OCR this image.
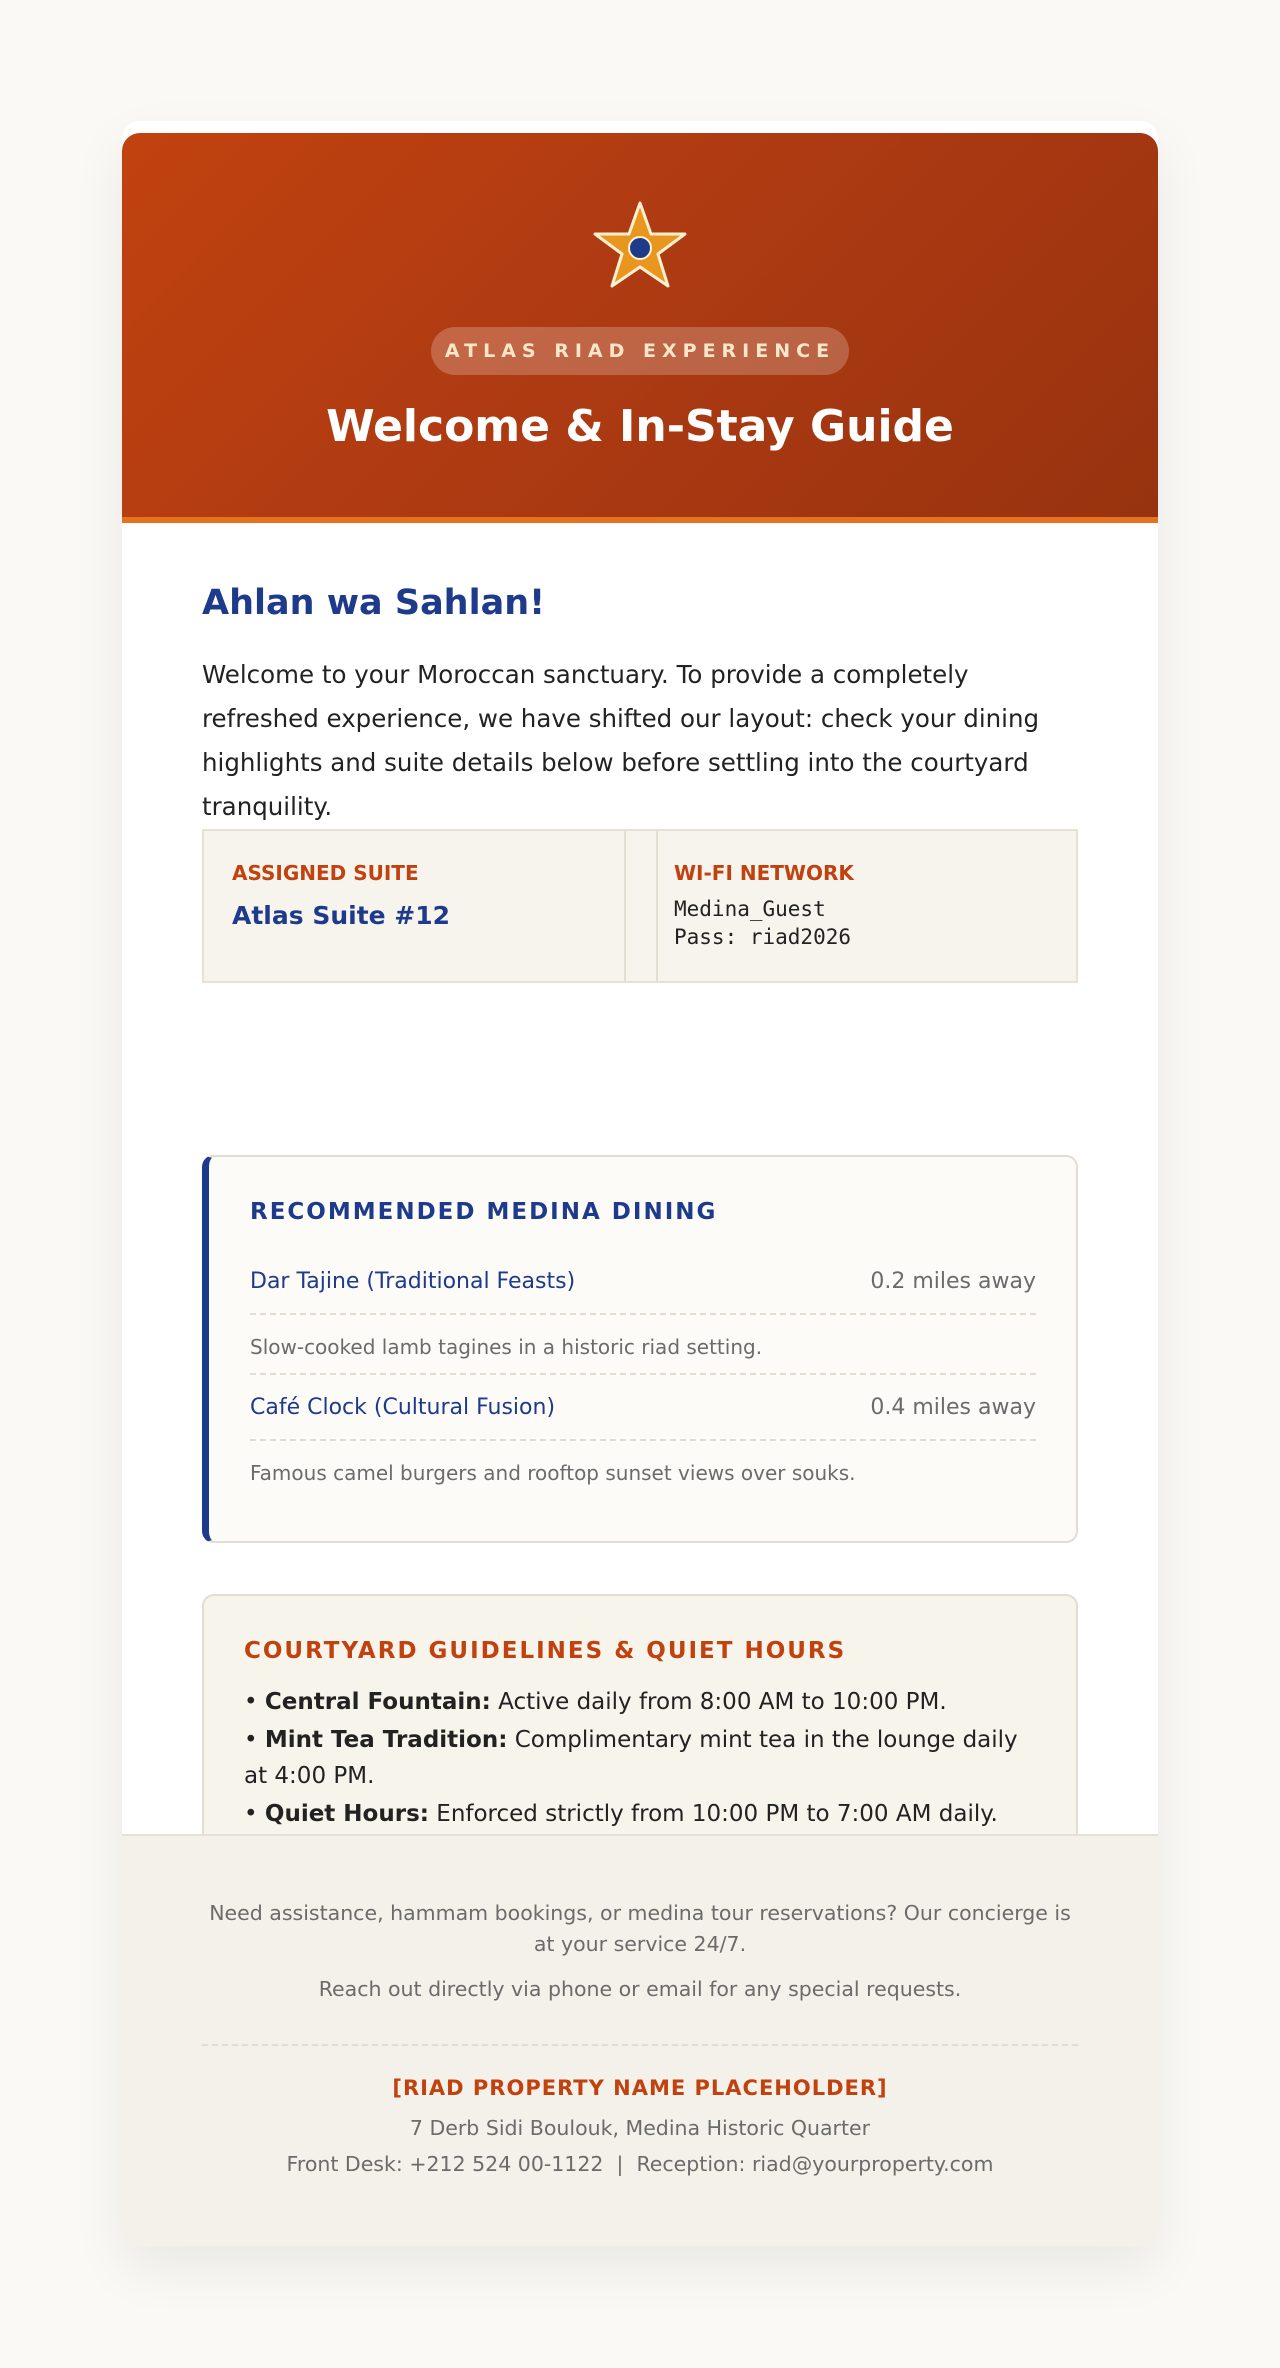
ATLAS RIAD EXPERIENCE
Welcome & In-Stay Guide
Ahlan wa Sahlan!

Welcome to your Moroccan sanctuary. To provide a completely refreshed experience, we have shifted our layout: check your dining highlights and suite details below before settling into the courtyard tranquility.

ASSIGNED SUITE
Atlas Suite #12
WI-FI NETWORK
Medina_Guest
Pass: riad2026
RECOMMENDED MEDINA DINING
Dar Tajine (Traditional Feasts)	0.2 miles away
Slow-cooked lamb tagines in a historic riad setting.
Café Clock (Cultural Fusion)	0.4 miles away
Famous camel burgers and rooftop sunset views over souks.
COURTYARD GUIDELINES & QUIET HOURS
• Central Fountain: Active daily from 8:00 AM to 10:00 PM.
• Mint Tea Tradition: Complimentary mint tea in the lounge daily at 4:00 PM.
• Quiet Hours: Enforced strictly from 10:00 PM to 7:00 AM daily.

Need assistance, hammam bookings, or medina tour reservations? Our concierge is at your service 24/7.

Reach out directly via phone or email for any special requests.

[RIAD PROPERTY NAME PLACEHOLDER]
7 Derb Sidi Boulouk, Medina Historic Quarter
Front Desk: +212 524 00-1122 | Reception: riad@yourproperty.com
